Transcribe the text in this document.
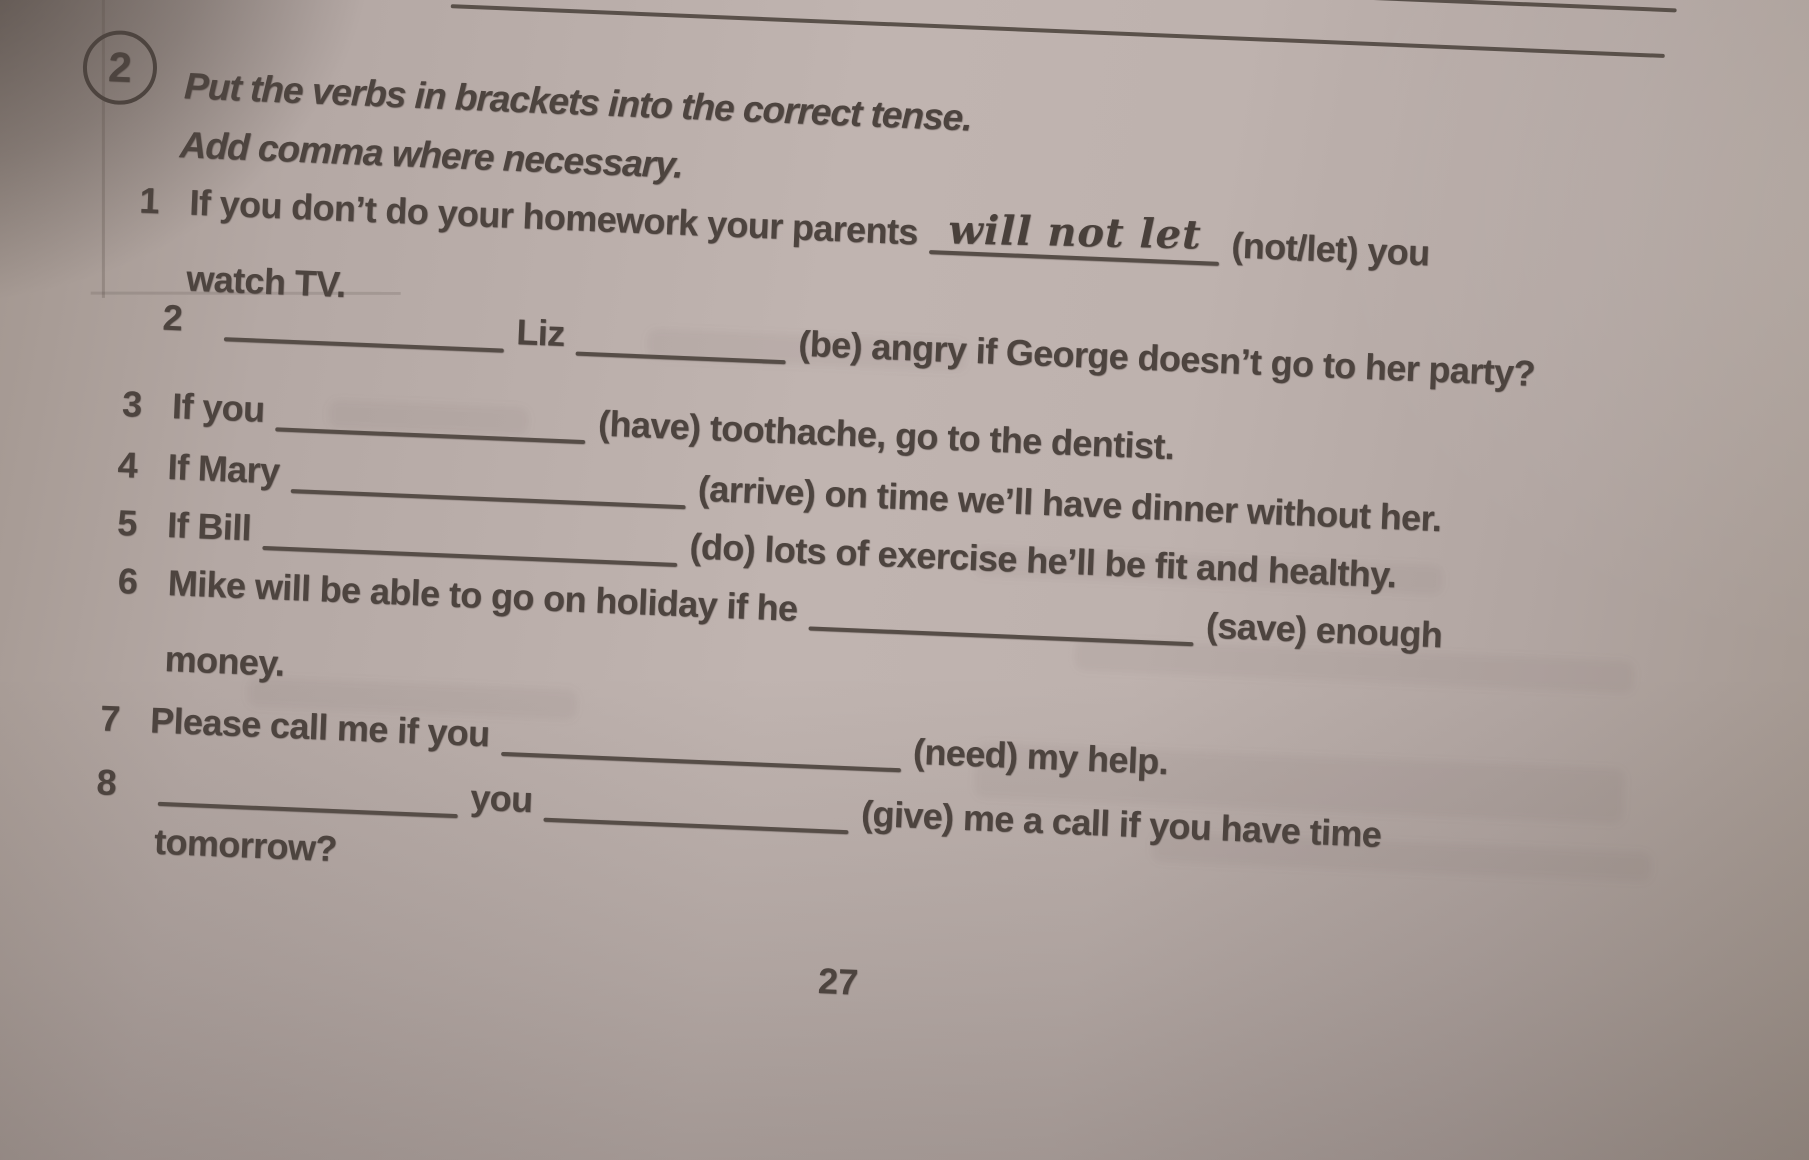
2 Put the verbs in brackets into the correct tense.
Add comma where necessary.
1 If you don’t do your homework your parents will not let (not/let) you
watch TV.
2	Liz	(be) angry if George doesn’t go to her party?
3 If you	(have) toothache, go to the dentist.
4 If Mary	(arrive) on time we’ll have dinner without her.
5 If Bill	(do) lots of exercise he’ll be fit and healthy.
6 Mike will be able to go on holiday if he(save) enough
money.
7 Please call me if you(need) my help.
8	you	(give) me a call if you have time
tomorrow?
27
